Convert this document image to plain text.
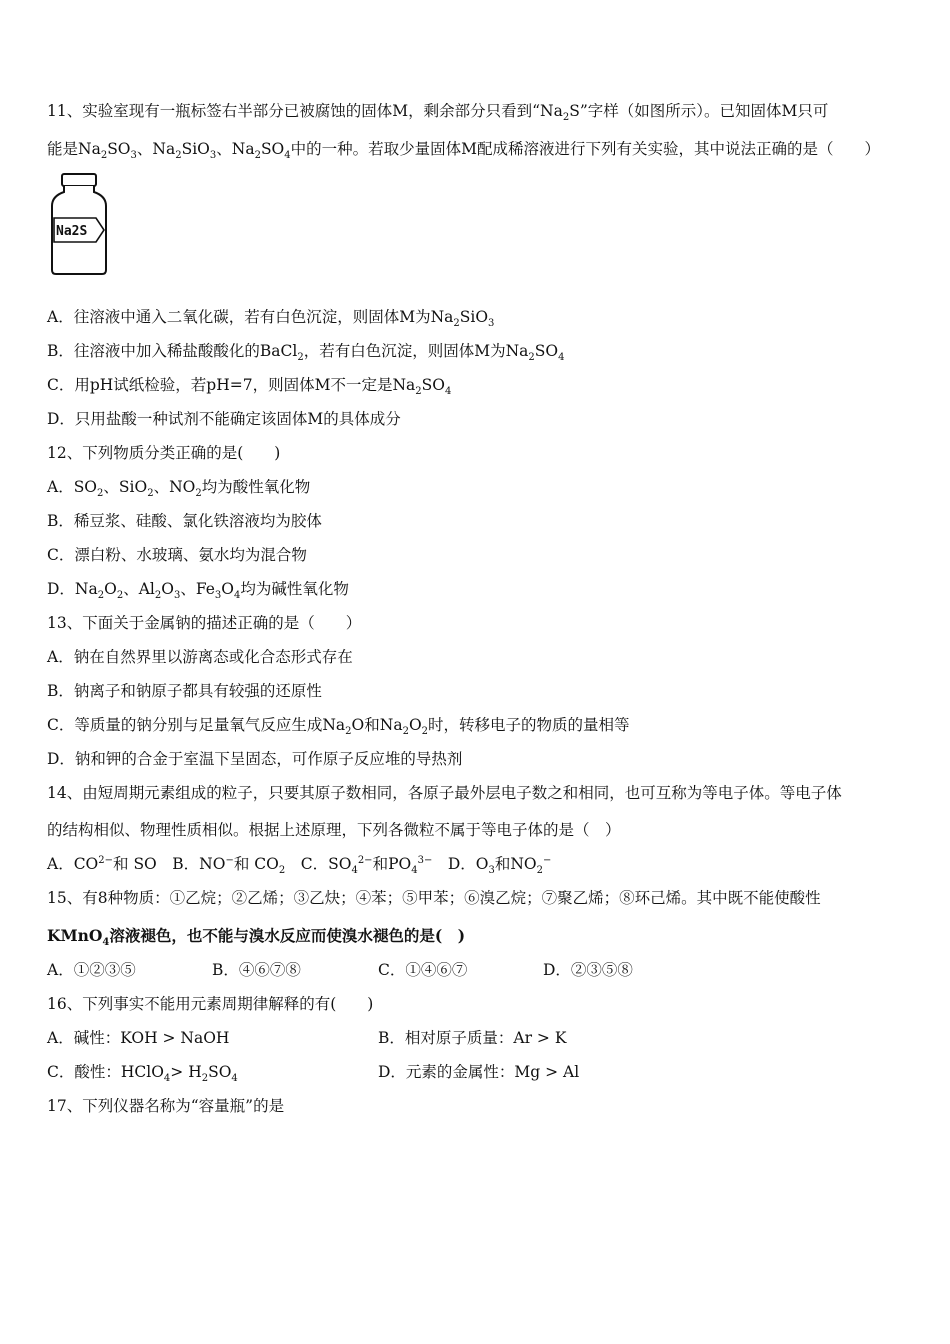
11、实验室现有一瓶标签右半部分已被腐蚀的固体M，剩余部分只看到“$Na_2S$”字样（如图所示）。已知固体M只可
能是$Na_2SO_3$、$Na_2SiO_3$、$Na_2SO_4$中的一种。若取少量固体M配成稀溶液进行下列有关实验，其中说法正确的是（　　）
Na2S
A．往溶液中通入二氧化碳，若有白色沉淀，则固体M为$Na_2SiO_3$
B．往溶液中加入稀盐酸酸化的BaCl$_2$，若有白色沉淀，则固体M为$Na_2SO_4$
C．用pH试纸检验，若pH=7，则固体M不一定是$Na_2SO_4$
D．只用盐酸一种试剂不能确定该固体M的具体成分
12、下列物质分类正确的是(　　)
A．$SO_2$、SiO$_2$、$NO_2$均为酸性氧化物
B．稀豆浆、硅酸、氯化铁溶液均为胶体
C．漂白粉、水玻璃、氨水均为混合物
D．$Na_2O_2$、$Al_2O_3$、$Fe_3O_4$均为碱性氧化物
13、下面关于金属钠的描述正确的是（　　）
A．钠在自然界里以游离态或化合态形式存在
B．钠离子和钠原子都具有较强的还原性
C．等质量的钠分别与足量氧气反应生成$Na_2O$和$Na_2O_2$时，转移电子的物质的量相等
D．钠和钾的合金于室温下呈固态，可作原子反应堆的导热剂
14、由短周期元素组成的粒子，只要其原子数相同，各原子最外层电子数之和相同，也可互称为等电子体。等电子体
的结构相似、物理性质相似。根据上述原理，下列各微粒不属于等电子体的是（　）
A．$CO^{2-}$和 SO　 B．NO−和 $CO_2$　 C．$SO_4^{2-}$和$PO_4^{3-}$　 D．$O_3$和$NO_2^-$
15、有8种物质：①乙烷；②乙烯；③乙炔；④苯；⑤甲苯；⑥溴乙烷；⑦聚乙烯；⑧环己烯。其中既不能使酸性
KMnO$_4$溶液褪色，也不能与溴水反应而使溴水褪色的是(　)
A．①②③⑤	B．④⑥⑦⑧	C．①④⑥⑦	D．②③⑤⑧
16、下列事实不能用元素周期律解释的有(　　)
A．碱性：KOH > NaOH	B．相对原子质量：Ar > K
C．酸性：HClO$_4$> $H_2SO_4$	D．元素的金属性：Mg > Al
17、下列仪器名称为“容量瓶”的是
